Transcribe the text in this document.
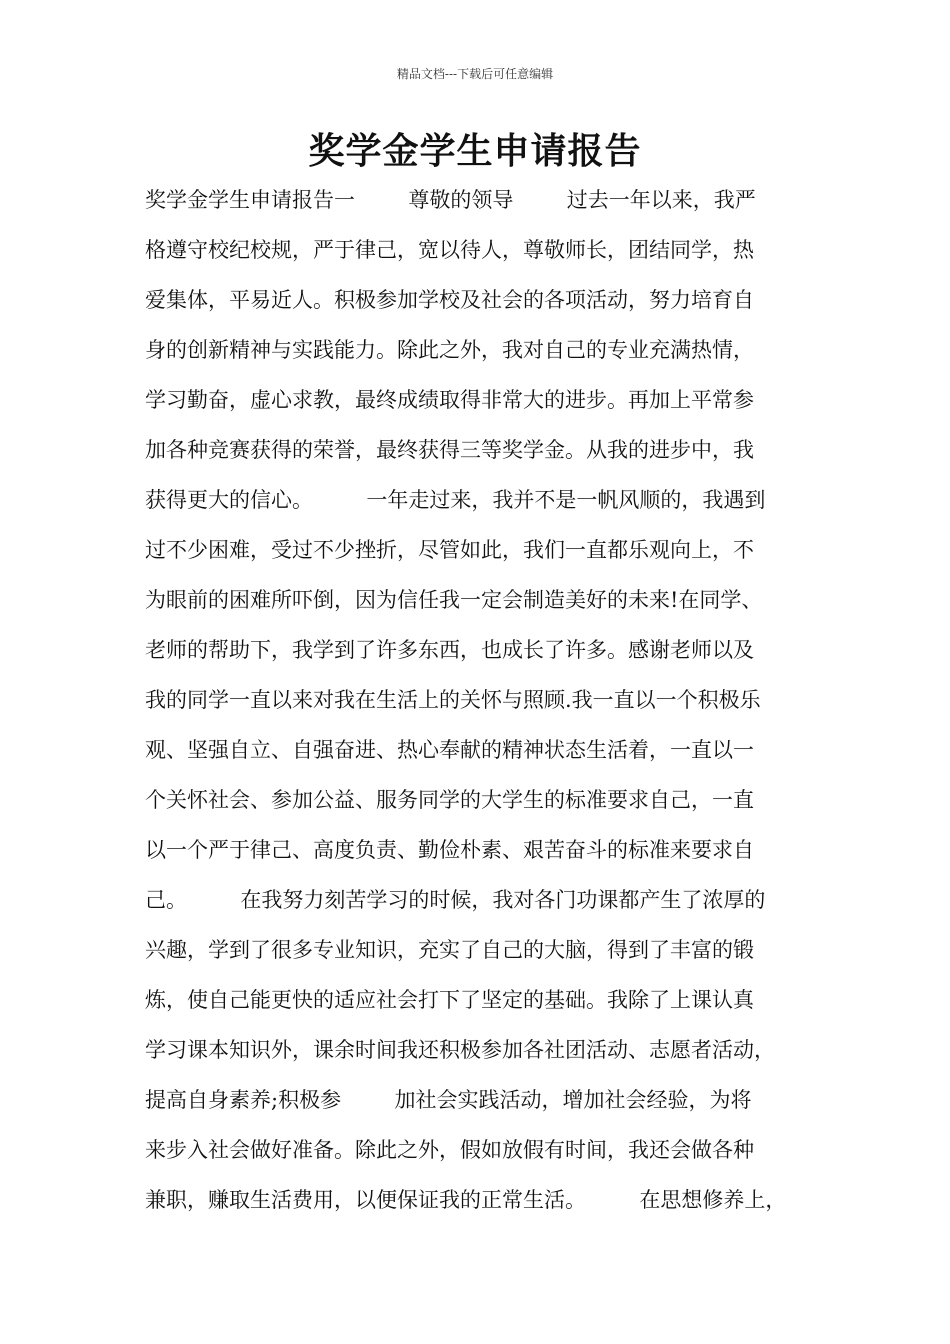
精品文档---下载后可任意编辑
奖学金学生申请报告
奖学金学生申请报告一        尊敬的领导        过去一年以来，我严
格遵守校纪校规，严于律己，宽以待人，尊敬师长，团结同学，热
爱集体，平易近人。积极参加学校及社会的各项活动，努力培育自
身的创新精神与实践能力。除此之外，我对自己的专业充满热情，
学习勤奋，虚心求教，最终成绩取得非常大的进步。再加上平常参
加各种竞赛获得的荣誉，最终获得三等奖学金。从我的进步中，我
获得更大的信心。        一年走过来，我并不是一帆风顺的，我遇到
过不少困难，受过不少挫折，尽管如此，我们一直都乐观向上，不
为眼前的困难所吓倒，因为信任我一定会制造美好的未来!在同学、
老师的帮助下，我学到了许多东西，也成长了许多。感谢老师以及
我的同学一直以来对我在生活上的关怀与照顾.我一直以一个积极乐
观、坚强自立、自强奋进、热心奉献的精神状态生活着，一直以一
个关怀社会、参加公益、服务同学的大学生的标准要求自己，一直
以一个严于律己、高度负责、勤俭朴素、艰苦奋斗的标准来要求自
己。        在我努力刻苦学习的时候，我对各门功课都产生了浓厚的
兴趣，学到了很多专业知识，充实了自己的大脑，得到了丰富的锻
炼，使自己能更快的适应社会打下了坚定的基础。我除了上课认真
学习课本知识外，课余时间我还积极参加各社团活动、志愿者活动，
提高自身素养;积极参        加社会实践活动，增加社会经验，为将
来步入社会做好准备。除此之外，假如放假有时间，我还会做各种
兼职，赚取生活费用，以便保证我的正常生活。        在思想修养上，
